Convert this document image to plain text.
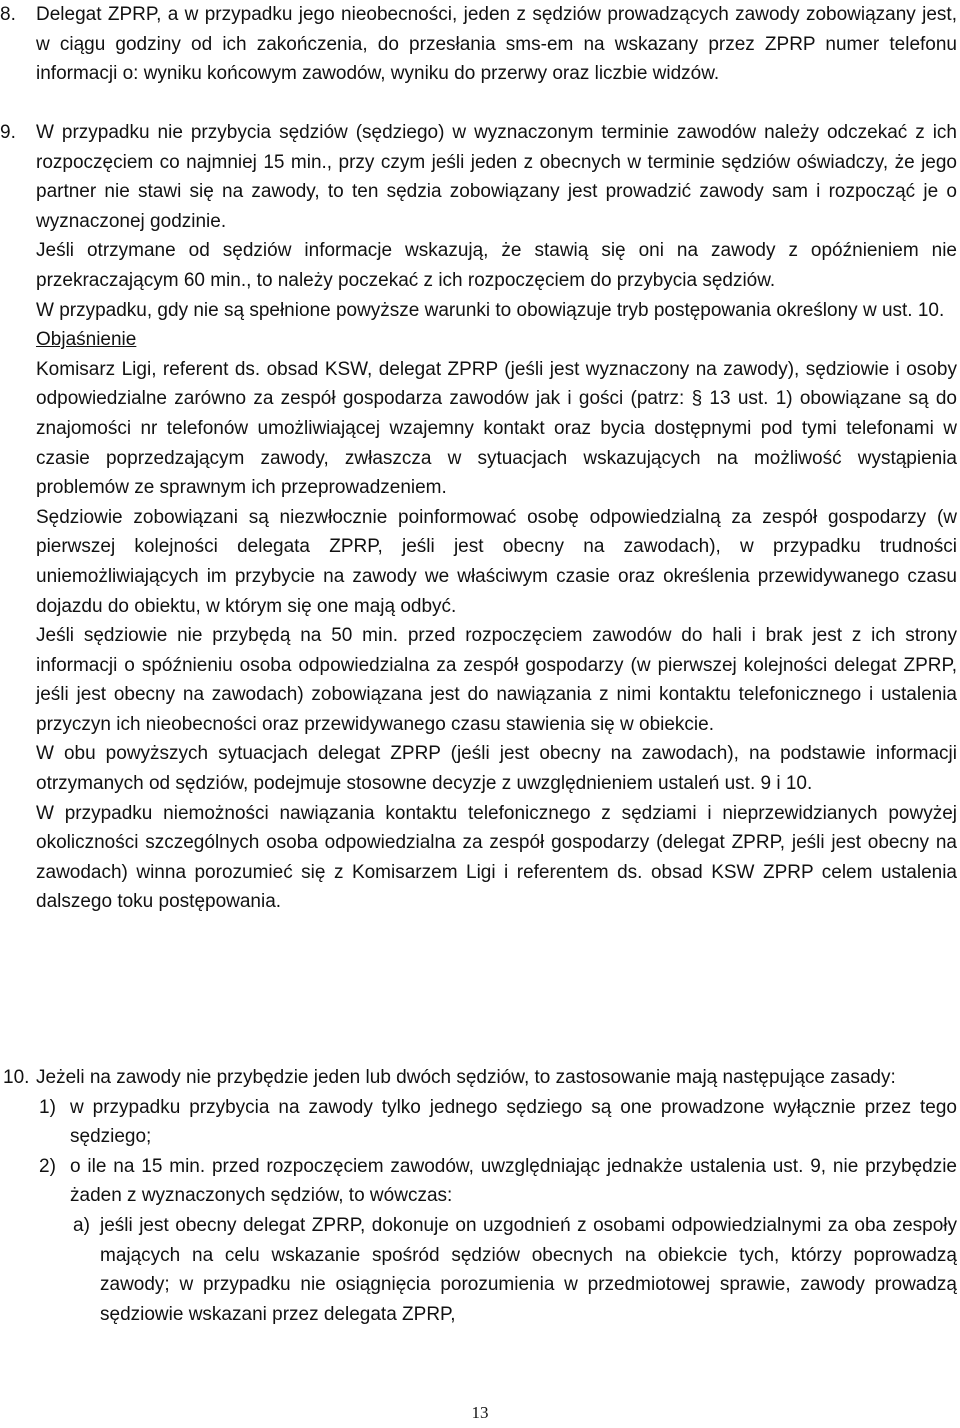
8. Delegat ZPRP, a w przypadku jego nieobecności, jeden z sędziów prowadzących zawody zobowiązany jest, w ciągu godziny od ich zakończenia, do przesłania sms-em na wskazany przez ZPRP numer telefonu informacji o: wyniku końcowym zawodów, wyniku do przerwy oraz liczbie widzów.

9. W przypadku nie przybycia sędziów (sędziego) w wyznaczonym terminie zawodów należy odczekać z ich rozpoczęciem co najmniej 15 min., przy czym jeśli jeden z obecnych w terminie sędziów oświadczy, że jego partner nie stawi się na zawody, to ten sędzia zobowiązany jest prowadzić zawody sam i rozpocząć je o wyznaczonej godzinie.

Jeśli otrzymane od sędziów informacje wskazują, że stawią się oni na zawody z opóźnieniem nie przekraczającym 60 min., to należy poczekać z ich rozpoczęciem do przybycia sędziów.

W przypadku, gdy nie są spełnione powyższe warunki to obowiązuje tryb postępowania określony w ust. 10.

Objaśnienie

Komisarz Ligi, referent ds. obsad KSW, delegat ZPRP (jeśli jest wyznaczony na zawody), sędziowie i osoby odpowiedzialne zarówno za zespół gospodarza zawodów jak i gości (patrz: § 13 ust. 1) obowiązane są do znajomości nr telefonów umożliwiającej wzajemny kontakt oraz bycia dostępnymi pod tymi telefonami w czasie poprzedzającym zawody, zwłaszcza w sytuacjach wskazujących na możliwość wystąpienia problemów ze sprawnym ich przeprowadzeniem.

Sędziowie zobowiązani są niezwłocznie poinformować osobę odpowiedzialną za zespół gospodarzy (w pierwszej kolejności delegata ZPRP, jeśli jest obecny na zawodach), w przypadku trudności uniemożliwiających im przybycie na zawody we właściwym czasie oraz określenia przewidywanego czasu dojazdu do obiektu, w którym się one mają odbyć.

Jeśli sędziowie nie przybędą na 50 min. przed rozpoczęciem zawodów do hali i brak jest z ich strony informacji o spóźnieniu osoba odpowiedzialna za zespół gospodarzy (w pierwszej kolejności delegat ZPRP, jeśli jest obecny na zawodach) zobowiązana jest do nawiązania z nimi kontaktu telefonicznego i ustalenia przyczyn ich nieobecności oraz przewidywanego czasu stawienia się w obiekcie.

W obu powyższych sytuacjach delegat ZPRP (jeśli jest obecny na zawodach), na podstawie informacji otrzymanych od sędziów, podejmuje stosowne decyzje z uwzględnieniem ustaleń ust. 9 i 10.

W przypadku niemożności nawiązania kontaktu telefonicznego z sędziami i nieprzewidzianych powyżej okoliczności szczególnych osoba odpowiedzialna za zespół gospodarzy (delegat ZPRP, jeśli jest obecny na zawodach) winna porozumieć się z Komisarzem Ligi i referentem ds. obsad KSW ZPRP celem ustalenia dalszego toku postępowania.

10. Jeżeli na zawody nie przybędzie jeden lub dwóch sędziów, to zastosowanie mają następujące zasady:

1) w przypadku przybycia na zawody tylko jednego sędziego są one prowadzone wyłącznie przez tego sędziego;

2) o ile na 15 min. przed rozpoczęciem zawodów, uwzględniając jednakże ustalenia ust. 9, nie przybędzie żaden z wyznaczonych sędziów, to wówczas:

a) jeśli jest obecny delegat ZPRP, dokonuje on uzgodnień z osobami odpowiedzialnymi za oba zespoły mających na celu wskazanie spośród sędziów obecnych na obiekcie tych, którzy poprowadzą zawody; w przypadku nie osiągnięcia porozumienia w przedmiotowej sprawie, zawody prowadzą sędziowie wskazani przez delegata ZPRP,

13
